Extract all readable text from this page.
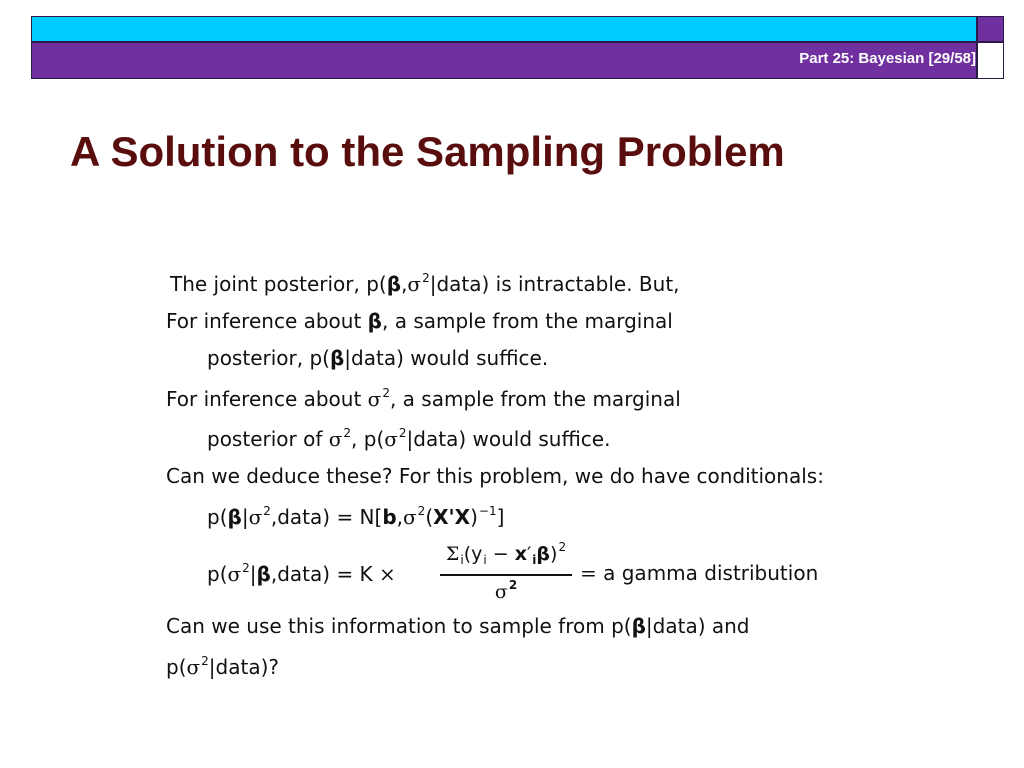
Part 25: Bayesian [29/58]
A Solution to the Sampling Problem
The joint posterior, $p(\beta,\sigma^2|data)$ is intractable. But,
For inference about β, a sample from the marginal
posterior, p(β|data) would suffice.
For inference about $\sigma^2$, a sample from the marginal
posterior of $\sigma^2$, $p(\sigma^2|data)$ would suffice.
Can we deduce these? For this problem, we do have conditionals:
$p(\beta|\sigma^2,data) = N[b,\sigma^2(X'X)^{-1}]$
$p(\sigma^2|\beta,data) = K$ ×
$\Sigma_i(y_i - x'_i\beta)^2$
$\sigma^2$	= a gamma distribution
Can we use this information to sample from p(β|data) and
$p(\sigma^2|data)$?
